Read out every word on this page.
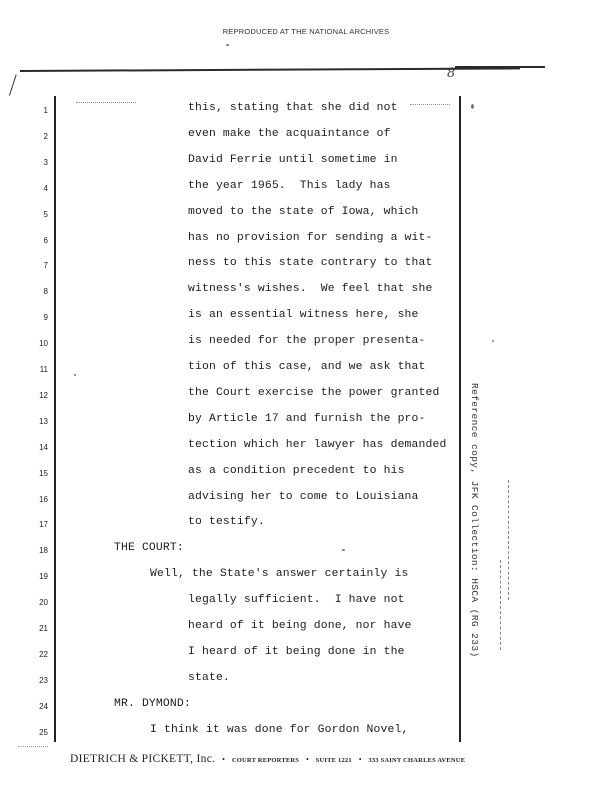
REPRODUCED AT THE NATIONAL ARCHIVES
8
1
2
3
4
5
6
7
8
9
10
11
12
13
14
15
16
17
18
19
20
21
22
23
24
25
this, stating that she did not
even make the acquaintance of
David Ferrie until sometime in
the year 1965.  This lady has
moved to the state of Iowa, which
has no provision for sending a wit-
ness to this state contrary to that
witness's wishes.  We feel that she
is an essential witness here, she
is needed for the proper presenta-
tion of this case, and we ask that
the Court exercise the power granted
by Article 17 and furnish the pro-
tection which her lawyer has demanded
as a condition precedent to his
advising her to come to Louisiana
to testify.
THE COURT:
Well, the State's answer certainly is
legally sufficient.  I have not
heard of it being done, nor have
I heard of it being done in the
state.
MR. DYMOND:
I think it was done for Gordon Novel,
Reference copy, JFK Collection: HSCA (RG 233)
DIETRICH & PICKETT, Inc. • COURT REPORTERS • SUITE 1221 • 333 SAINT CHARLES AVENUE
